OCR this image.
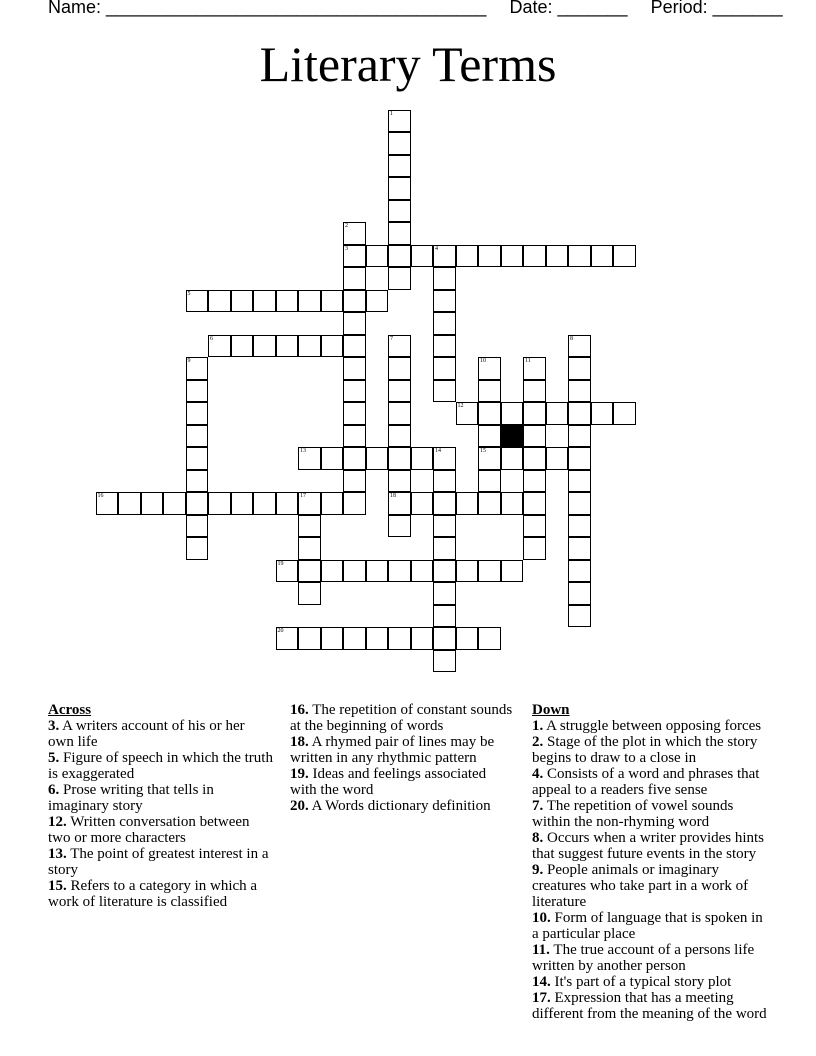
Name: ______________________________________ Date: _______ Period: _______
Literary Terms
3	4
5
6
12
13	15
16	17	18
19
20
1
2
7	8
9	10	11
14
Across
3. A writers account of his or her own life
5. Figure of speech in which the truth is exaggerated
6. Prose writing that tells in imaginary story
12. Written conversation between two or more characters
13. The point of greatest interest in a story
15. Refers to a category in which a work of literature is classified
16. The repetition of constant sounds at the beginning of words
18. A rhymed pair of lines may be written in any rhythmic pattern
19. Ideas and feelings associated with the word
20. A Words dictionary definition
Down
1. A struggle between opposing forces
2. Stage of the plot in which the story begins to draw to a close in
4. Consists of a word and phrases that appeal to a readers five sense
7. The repetition of vowel sounds within the non-rhyming word
8. Occurs when a writer provides hints that suggest future events in the story
9. People animals or imaginary creatures who take part in a work of literature
10. Form of language that is spoken in a particular place
11. The true account of a persons life written by another person
14. It's part of a typical story plot
17. Expression that has a meeting different from the meaning of the word
